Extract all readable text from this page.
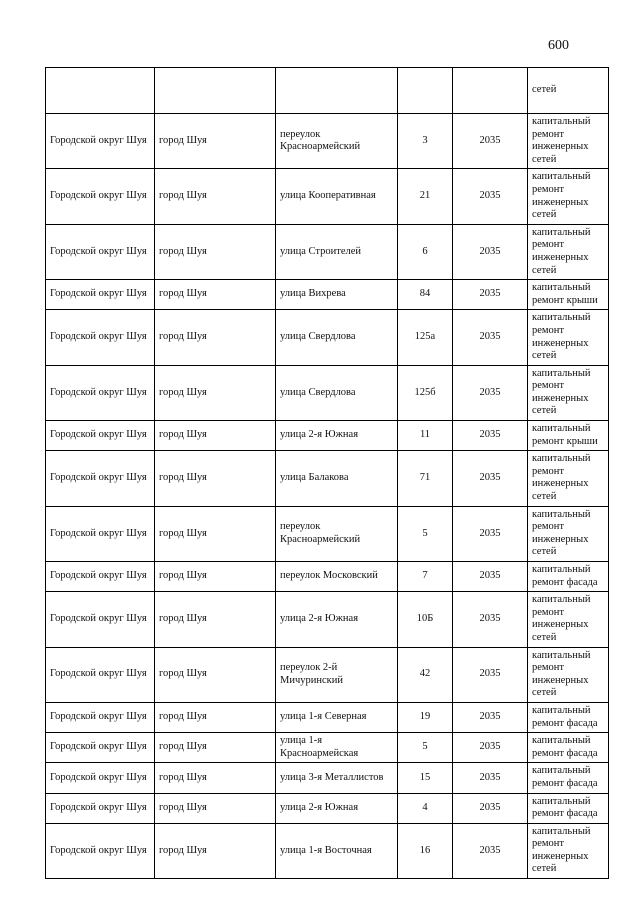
600
					сетей
Городской округ Шуя	город Шуя	переулок Красноармейский	3	2035	капитальный ремонт инженерных сетей
Городской округ Шуя	город Шуя	улица Кооперативная	21	2035	капитальный ремонт инженерных сетей
Городской округ Шуя	город Шуя	улица Строителей	6	2035	капитальный ремонт инженерных сетей
Городской округ Шуя	город Шуя	улица Вихрева	84	2035	капитальный ремонт крыши
Городской округ Шуя	город Шуя	улица Свердлова	125а	2035	капитальный ремонт инженерных сетей
Городской округ Шуя	город Шуя	улица Свердлова	125б	2035	капитальный ремонт инженерных сетей
Городской округ Шуя	город Шуя	улица 2-я Южная	11	2035	капитальный ремонт крыши
Городской округ Шуя	город Шуя	улица Балакова	71	2035	капитальный ремонт инженерных сетей
Городской округ Шуя	город Шуя	переулок Красноармейский	5	2035	капитальный ремонт инженерных сетей
Городской округ Шуя	город Шуя	переулок Московский	7	2035	капитальный ремонт фасада
Городской округ Шуя	город Шуя	улица 2-я Южная	10Б	2035	капитальный ремонт инженерных сетей
Городской округ Шуя	город Шуя	переулок 2-й Мичуринский	42	2035	капитальный ремонт инженерных сетей
Городской округ Шуя	город Шуя	улица 1-я Северная	19	2035	капитальный ремонт фасада
Городской округ Шуя	город Шуя	улица 1-я Красноармейская	5	2035	капитальный ремонт фасада
Городской округ Шуя	город Шуя	улица 3-я Металлистов	15	2035	капитальный ремонт фасада
Городской округ Шуя	город Шуя	улица 2-я Южная	4	2035	капитальный ремонт фасада
Городской округ Шуя	город Шуя	улица 1-я Восточная	16	2035	капитальный ремонт инженерных сетей
